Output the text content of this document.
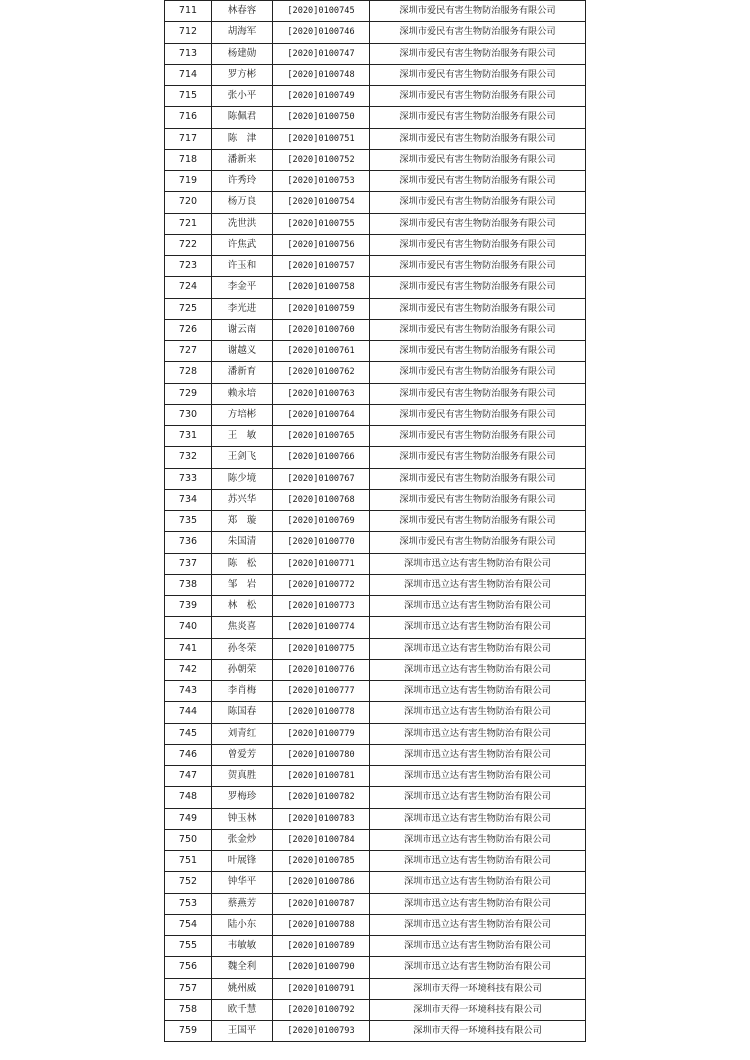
711	林春容	[2020]0100745	深圳市爱民有害生物防治服务有限公司
712	胡海军	[2020]0100746	深圳市爱民有害生物防治服务有限公司
713	杨建勋	[2020]0100747	深圳市爱民有害生物防治服务有限公司
714	罗方彬	[2020]0100748	深圳市爱民有害生物防治服务有限公司
715	张小平	[2020]0100749	深圳市爱民有害生物防治服务有限公司
716	陈佩君	[2020]0100750	深圳市爱民有害生物防治服务有限公司
717	陈　津	[2020]0100751	深圳市爱民有害生物防治服务有限公司
718	潘新来	[2020]0100752	深圳市爱民有害生物防治服务有限公司
719	许秀玲	[2020]0100753	深圳市爱民有害生物防治服务有限公司
720	杨万良	[2020]0100754	深圳市爱民有害生物防治服务有限公司
721	冼世洪	[2020]0100755	深圳市爱民有害生物防治服务有限公司
722	许焦武	[2020]0100756	深圳市爱民有害生物防治服务有限公司
723	许玉和	[2020]0100757	深圳市爱民有害生物防治服务有限公司
724	李金平	[2020]0100758	深圳市爱民有害生物防治服务有限公司
725	李光进	[2020]0100759	深圳市爱民有害生物防治服务有限公司
726	谢云南	[2020]0100760	深圳市爱民有害生物防治服务有限公司
727	谢越义	[2020]0100761	深圳市爱民有害生物防治服务有限公司
728	潘新育	[2020]0100762	深圳市爱民有害生物防治服务有限公司
729	赖永培	[2020]0100763	深圳市爱民有害生物防治服务有限公司
730	方培彬	[2020]0100764	深圳市爱民有害生物防治服务有限公司
731	王　敏	[2020]0100765	深圳市爱民有害生物防治服务有限公司
732	王剑飞	[2020]0100766	深圳市爱民有害生物防治服务有限公司
733	陈少境	[2020]0100767	深圳市爱民有害生物防治服务有限公司
734	苏兴华	[2020]0100768	深圳市爱民有害生物防治服务有限公司
735	郑　璇	[2020]0100769	深圳市爱民有害生物防治服务有限公司
736	朱国清	[2020]0100770	深圳市爱民有害生物防治服务有限公司
737	陈　松	[2020]0100771	深圳市迅立达有害生物防治有限公司
738	邹　岩	[2020]0100772	深圳市迅立达有害生物防治有限公司
739	林　松	[2020]0100773	深圳市迅立达有害生物防治有限公司
740	焦炎喜	[2020]0100774	深圳市迅立达有害生物防治有限公司
741	孙冬荣	[2020]0100775	深圳市迅立达有害生物防治有限公司
742	孙朝荣	[2020]0100776	深圳市迅立达有害生物防治有限公司
743	李肖梅	[2020]0100777	深圳市迅立达有害生物防治有限公司
744	陈国春	[2020]0100778	深圳市迅立达有害生物防治有限公司
745	刘青红	[2020]0100779	深圳市迅立达有害生物防治有限公司
746	曾爱芳	[2020]0100780	深圳市迅立达有害生物防治有限公司
747	贺真胜	[2020]0100781	深圳市迅立达有害生物防治有限公司
748	罗梅珍	[2020]0100782	深圳市迅立达有害生物防治有限公司
749	钟玉林	[2020]0100783	深圳市迅立达有害生物防治有限公司
750	张金炒	[2020]0100784	深圳市迅立达有害生物防治有限公司
751	叶展锋	[2020]0100785	深圳市迅立达有害生物防治有限公司
752	钟华平	[2020]0100786	深圳市迅立达有害生物防治有限公司
753	蔡燕芳	[2020]0100787	深圳市迅立达有害生物防治有限公司
754	陆小东	[2020]0100788	深圳市迅立达有害生物防治有限公司
755	韦敏敏	[2020]0100789	深圳市迅立达有害生物防治有限公司
756	魏全利	[2020]0100790	深圳市迅立达有害生物防治有限公司
757	姚州威	[2020]0100791	深圳市天得一环境科技有限公司
758	欧千慧	[2020]0100792	深圳市天得一环境科技有限公司
759	王国平	[2020]0100793	深圳市天得一环境科技有限公司
